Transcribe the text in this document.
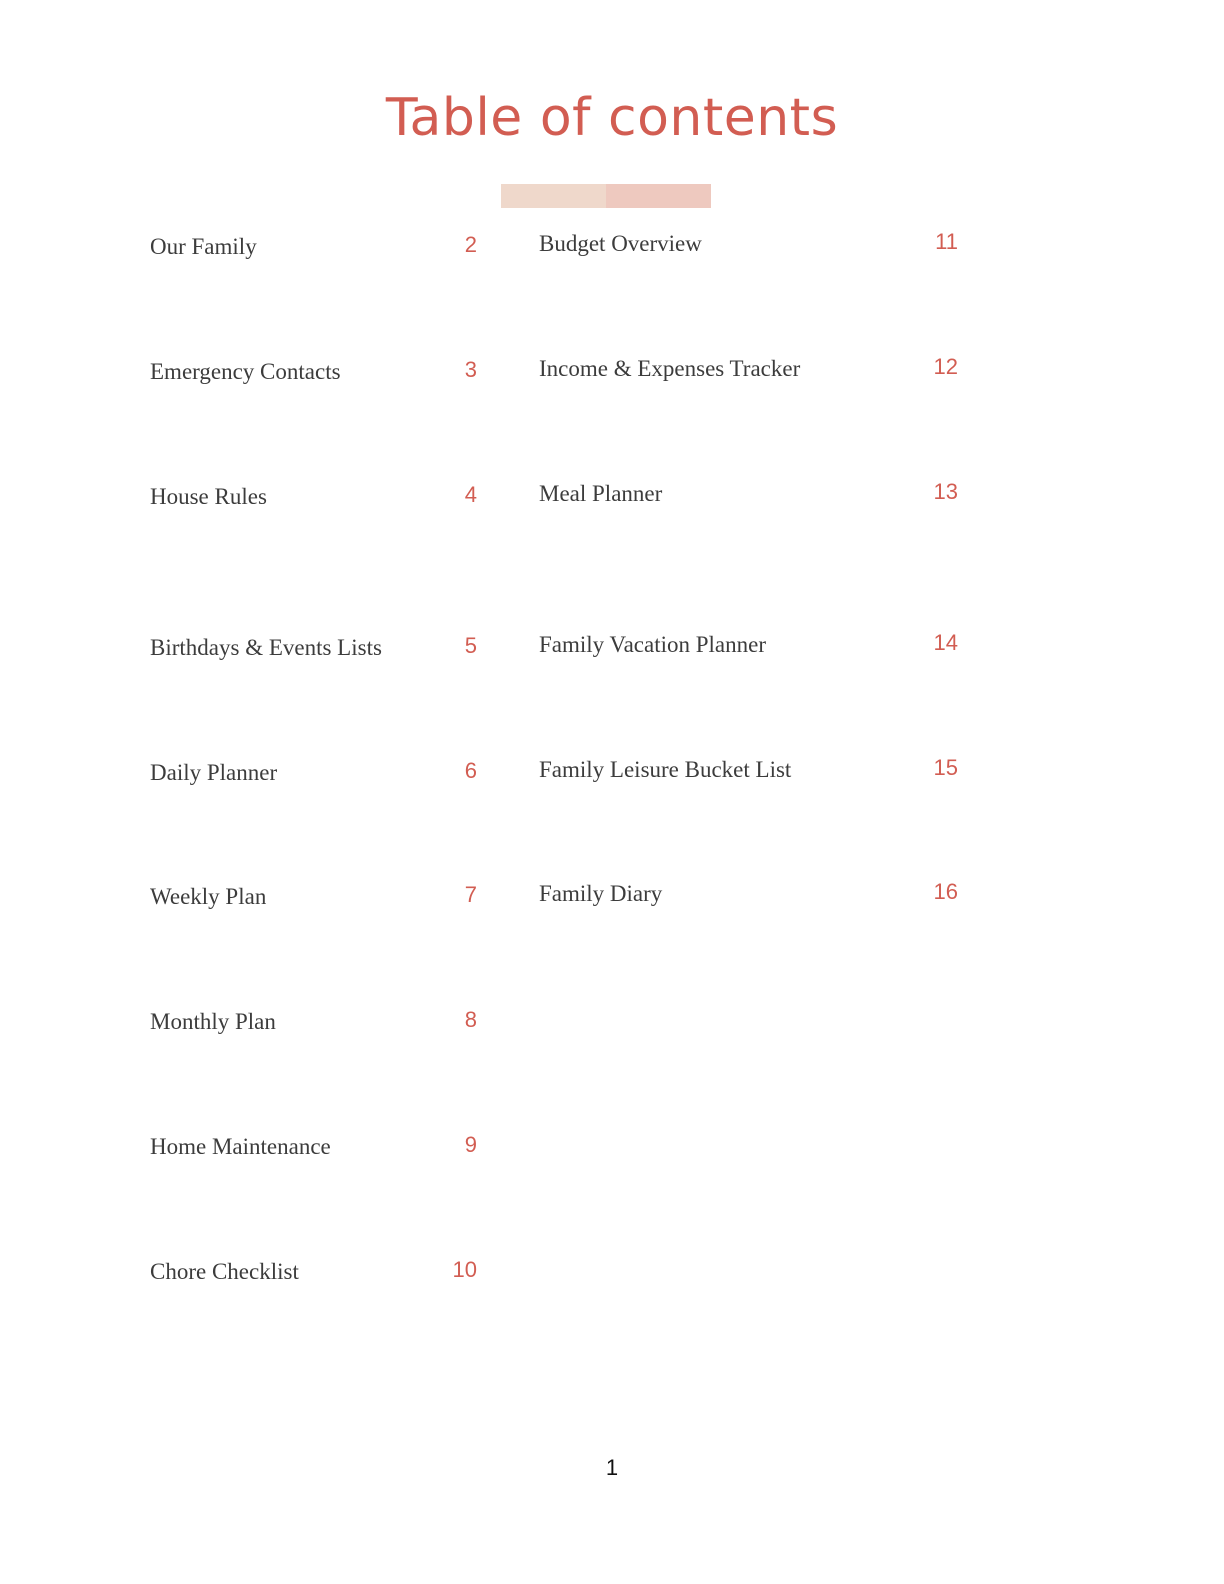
Table of contents
Our Family	2
Emergency Contacts	3
House Rules	4
Birthdays & Events Lists	5
Daily Planner	6
Weekly Plan	7
Monthly Plan	8
Home Maintenance	9
Chore Checklist	10
Budget Overview	11
Income & Expenses Tracker	12
Meal Planner	13
Family Vacation Planner	14
Family Leisure Bucket List	15
Family Diary	16
1
